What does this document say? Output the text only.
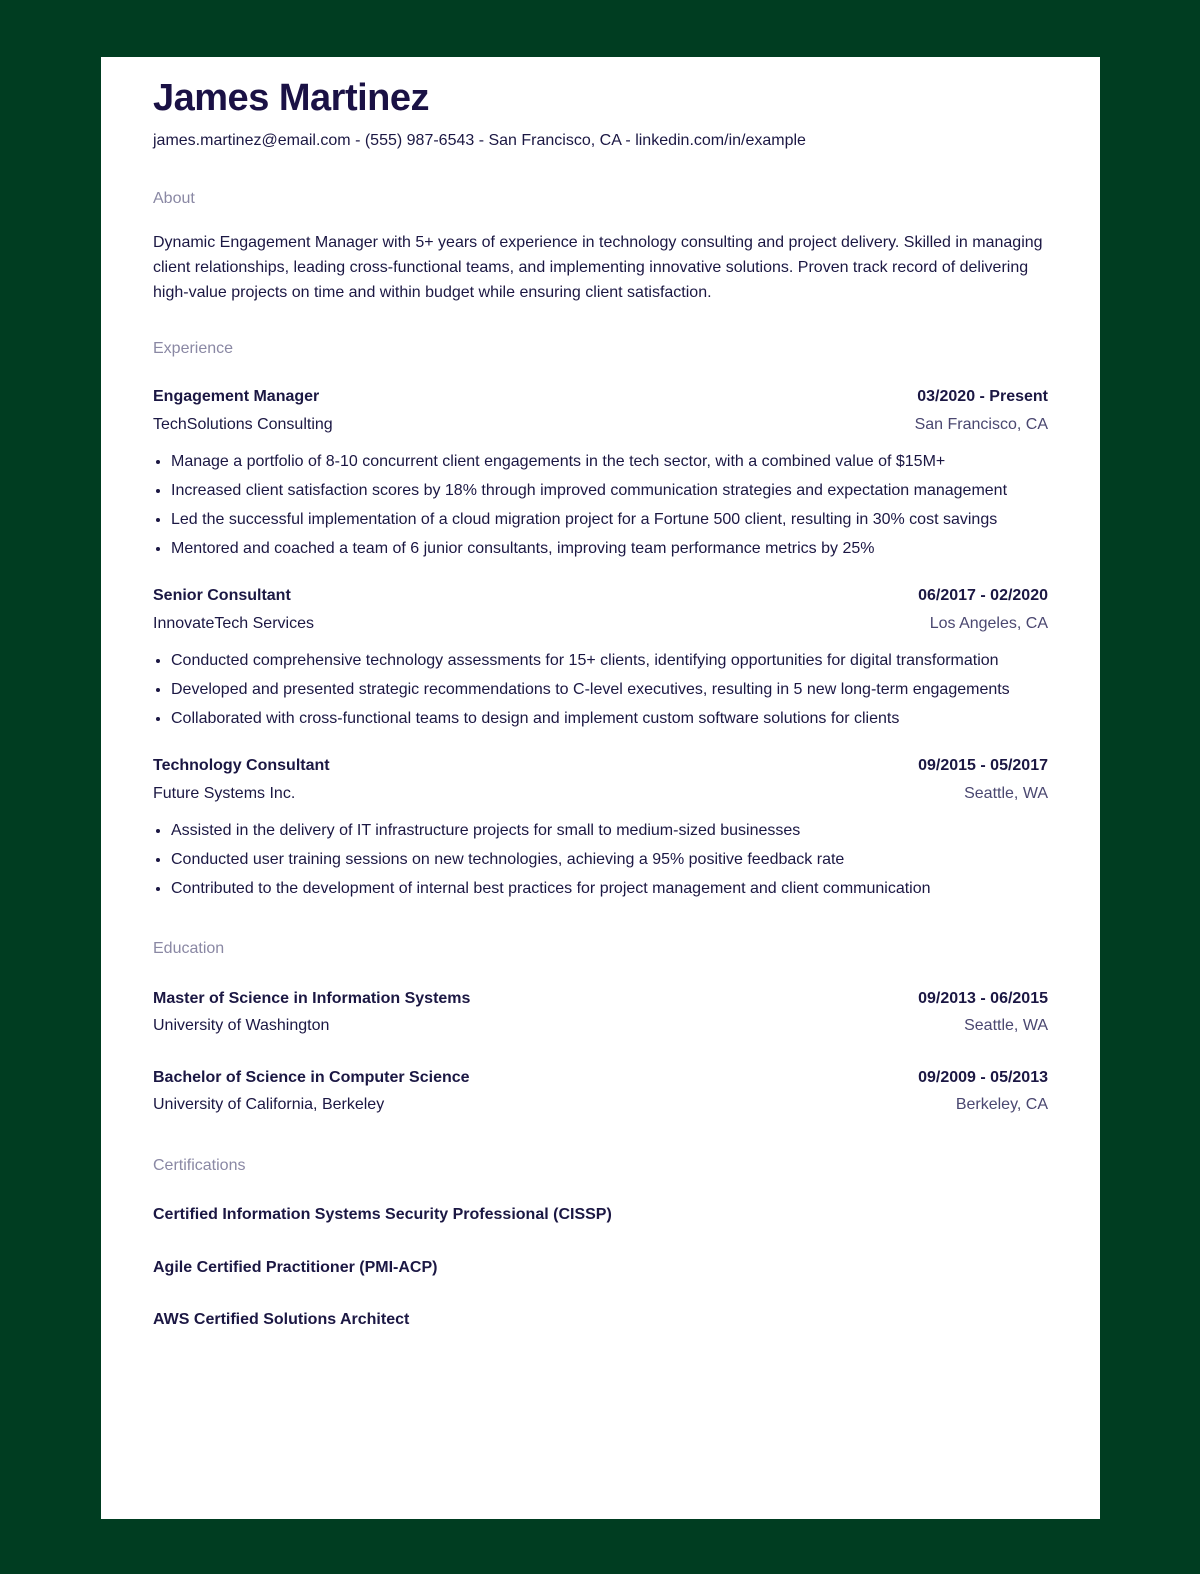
James Martinez
james.martinez@email.com - (555) 987-6543 - San Francisco, CA - linkedin.com/in/example
About
Dynamic Engagement Manager with 5+ years of experience in technology consulting and project delivery. Skilled in managing client relationships, leading cross-functional teams, and implementing innovative solutions. Proven track record of delivering high-value projects on time and within budget while ensuring client satisfaction.
Experience
Engagement Manager	03/2020 - Present
TechSolutions Consulting	San Francisco, CA
• Manage a portfolio of 8-10 concurrent client engagements in the tech sector, with a combined value of $15M+
• Increased client satisfaction scores by 18% through improved communication strategies and expectation management
• Led the successful implementation of a cloud migration project for a Fortune 500 client, resulting in 30% cost savings
• Mentored and coached a team of 6 junior consultants, improving team performance metrics by 25%
Senior Consultant	06/2017 - 02/2020
InnovateTech Services	Los Angeles, CA
• Conducted comprehensive technology assessments for 15+ clients, identifying opportunities for digital transformation
• Developed and presented strategic recommendations to C-level executives, resulting in 5 new long-term engagements
• Collaborated with cross-functional teams to design and implement custom software solutions for clients
Technology Consultant	09/2015 - 05/2017
Future Systems Inc.	Seattle, WA
• Assisted in the delivery of IT infrastructure projects for small to medium-sized businesses
• Conducted user training sessions on new technologies, achieving a 95% positive feedback rate
• Contributed to the development of internal best practices for project management and client communication
Education
Master of Science in Information Systems	09/2013 - 06/2015
University of Washington	Seattle, WA
Bachelor of Science in Computer Science	09/2009 - 05/2013
University of California, Berkeley	Berkeley, CA
Certifications
Certified Information Systems Security Professional (CISSP)
Agile Certified Practitioner (PMI-ACP)
AWS Certified Solutions Architect
